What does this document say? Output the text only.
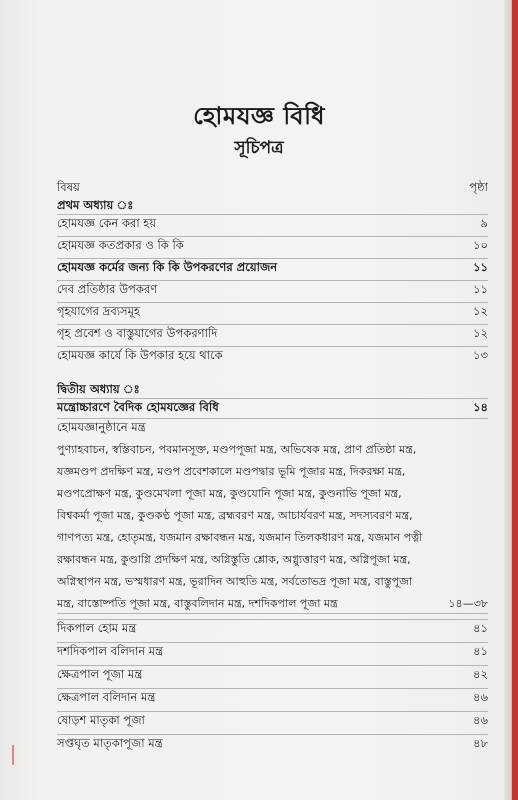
হোমযজ্ঞ বিধি
সূচিপত্র
বিষয়	পৃষ্ঠা
প্রথম অধ্যায় ঃ
হোমযজ্ঞ কেন করা হয়	৯
হোমযজ্ঞ কতপ্রকার ও কি কি	১০
হোমযজ্ঞ কর্মের জন্য কি কি উপকরণের প্রয়োজন	১১
দেব প্রতিষ্ঠার উপকরণ	১১
গৃহযাগের দ্রব্যসমূহ	১২
গৃহ প্রবেশ ও বাস্তুযাগের উপকরণাদি	১২
হোমযজ্ঞ কার্যে কি উপকার হয়ে থাকে	১৩
দ্বিতীয় অধ্যায় ঃ
মন্ত্রোচ্চারণে বৈদিক হোমযজ্ঞের বিধি	১৪
হোমযজ্ঞানুষ্ঠানে মন্ত্র
পুণ্যাহবাচন, স্বস্তিবাচন, পবমানসূক্ত, মণ্ডপপূজা মন্ত্র, অভিষেক মন্ত্র, প্রাণ প্রতিষ্ঠা মন্ত্র,
যজ্ঞমণ্ডপ প্রদক্ষিণ মন্ত্র, মণ্ডপ প্রবেশকালে মণ্ডপদ্বার ভূমি পূজার মন্ত্র, দিকরক্ষা মন্ত্র,
মণ্ডপপ্রোক্ষণ মন্ত্র, কুণ্ডমেখলা পূজা মন্ত্র, কুণ্ডযোনি পূজা মন্ত্র, কুণ্ডনাভি পূজা মন্ত্র,
বিশ্বকর্মা পূজা মন্ত্র, কুণ্ডকণ্ঠ পূজা মন্ত্র, ব্রহ্মবরণ মন্ত্র, আচার্যবরণ মন্ত্র, সদস্যবরণ মন্ত্র,
গাণপত্য মন্ত্র, হোতৃমন্ত্র, যজমান রক্ষাবন্ধন মন্ত্র, যজমান তিলকধারণ মন্ত্র, যজমান পত্নী
রক্ষাবন্ধন মন্ত্র, কুণ্ডাগ্নি প্রদক্ষিণ মন্ত্র, অগ্নিস্তুতি শ্লোক, অগ্ন্যুত্তারণ মন্ত্র, অগ্নিপূজা মন্ত্র,
অগ্নিস্থাপন মন্ত্র, ভস্মধারণ মন্ত্র, ভূরাদিন আহুতি মন্ত্র, সর্বতোভদ্র পূজা মন্ত্র, বাস্তুপূজা
মন্ত্র, বাস্তোষ্পতি পূজা মন্ত্র, বাস্তুবলিদান মন্ত্র, দশদিকপাল পূজা মন্ত্র	১৪—৩৮
দিকপাল হোম মন্ত্র	৪১
দশদিকপাল বলিদান মন্ত্র	৪১
ক্ষেত্রপাল পূজা মন্ত্র	৪২
ক্ষেত্রপাল বলিদান মন্ত্র	৪৬
ষোড়শ মাতৃকা পূজা	৪৬
সপ্তঘৃত মাতৃকাপূজা মন্ত্র	৪৮
